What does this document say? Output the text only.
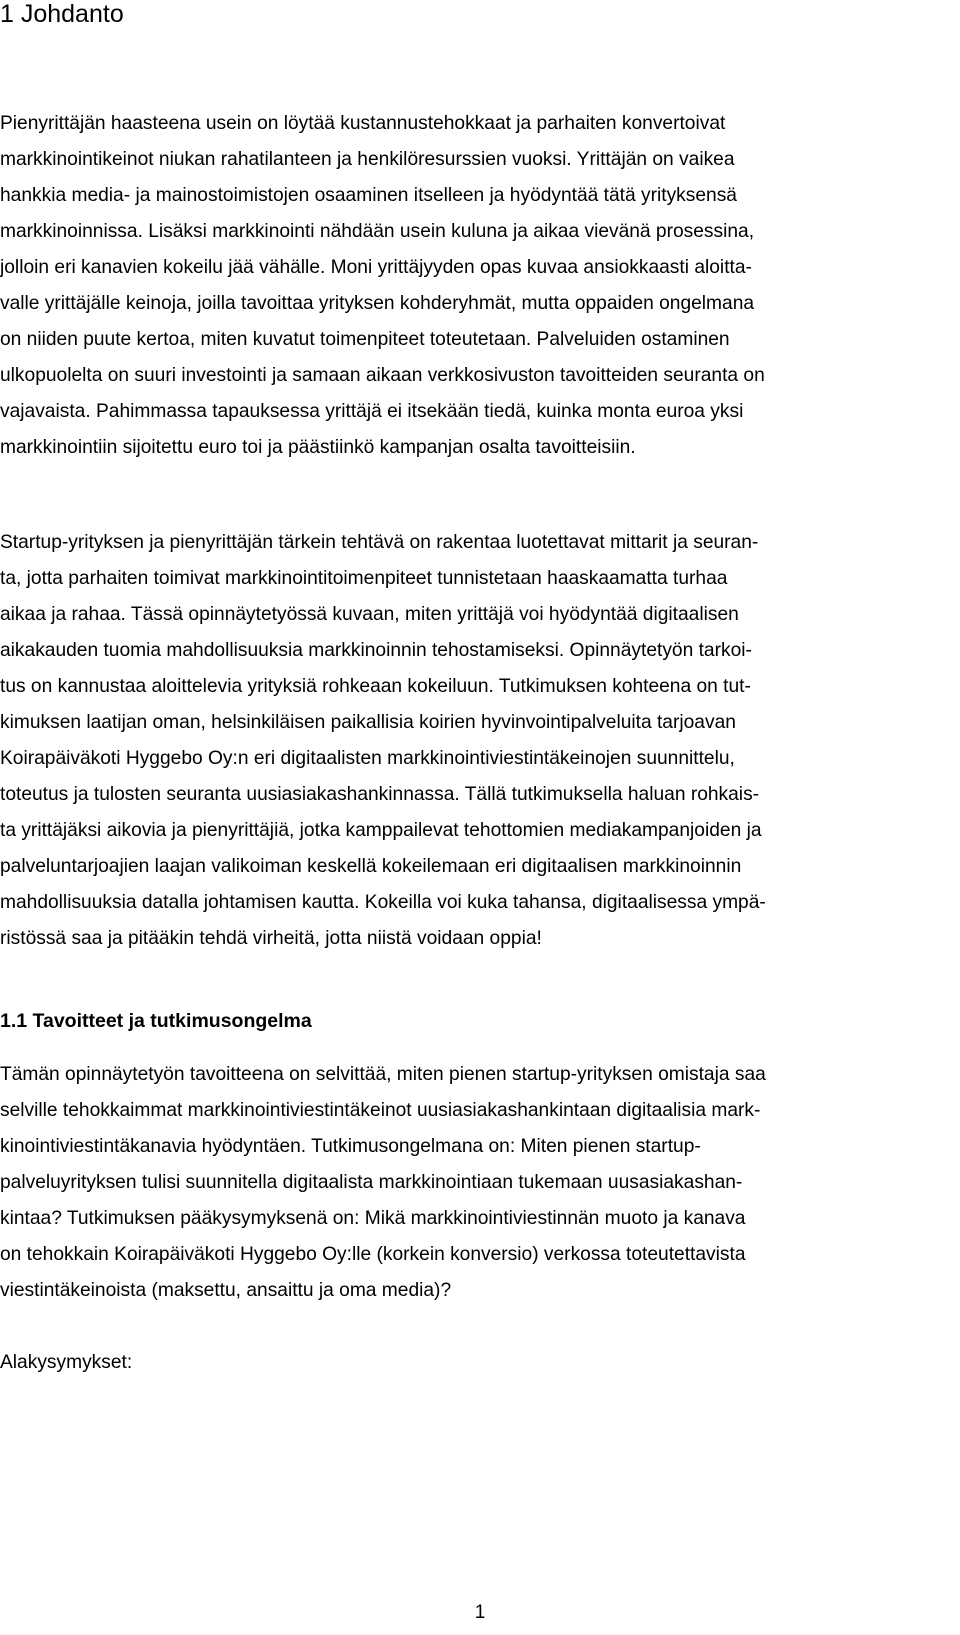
1 Johdanto
Pienyrittäjän haasteena usein on löytää kustannustehokkaat ja parhaiten konvertoivat
markkinointikeinot niukan rahatilanteen ja henkilöresurssien vuoksi. Yrittäjän on vaikea
hankkia media- ja mainostoimistojen osaaminen itselleen ja hyödyntää tätä yrityksensä
markkinoinnissa. Lisäksi markkinointi nähdään usein kuluna ja aikaa vievänä prosessina,
jolloin eri kanavien kokeilu jää vähälle. Moni yrittäjyyden opas kuvaa ansiokkaasti aloitta-
valle yrittäjälle keinoja, joilla tavoittaa yrityksen kohderyhmät, mutta oppaiden ongelmana
on niiden puute kertoa, miten kuvatut toimenpiteet toteutetaan. Palveluiden ostaminen
ulkopuolelta on suuri investointi ja samaan aikaan verkkosivuston tavoitteiden seuranta on
vajavaista. Pahimmassa tapauksessa yrittäjä ei itsekään tiedä, kuinka monta euroa yksi
markkinointiin sijoitettu euro toi ja päästiinkö kampanjan osalta tavoitteisiin.
Startup-yrityksen ja pienyrittäjän tärkein tehtävä on rakentaa luotettavat mittarit ja seuran-
ta, jotta parhaiten toimivat markkinointitoimenpiteet tunnistetaan haaskaamatta turhaa
aikaa ja rahaa. Tässä opinnäytetyössä kuvaan, miten yrittäjä voi hyödyntää digitaalisen
aikakauden tuomia mahdollisuuksia markkinoinnin tehostamiseksi. Opinnäytetyön tarkoi-
tus on kannustaa aloittelevia yrityksiä rohkeaan kokeiluun. Tutkimuksen kohteena on tut-
kimuksen laatijan oman, helsinkiläisen paikallisia koirien hyvinvointipalveluita tarjoavan
Koirapäiväkoti Hyggebo Oy:n eri digitaalisten markkinointiviestintäkeinojen suunnittelu,
toteutus ja tulosten seuranta uusiasiakashankinnassa. Tällä tutkimuksella haluan rohkais-
ta yrittäjäksi aikovia ja pienyrittäjiä, jotka kamppailevat tehottomien mediakampanjoiden ja
palveluntarjoajien laajan valikoiman keskellä kokeilemaan eri digitaalisen markkinoinnin
mahdollisuuksia datalla johtamisen kautta. Kokeilla voi kuka tahansa, digitaalisessa ympä-
ristössä saa ja pitääkin tehdä virheitä, jotta niistä voidaan oppia!
1.1 Tavoitteet ja tutkimusongelma
Tämän opinnäytetyön tavoitteena on selvittää, miten pienen startup-yrityksen omistaja saa
selville tehokkaimmat markkinointiviestintäkeinot uusiasiakashankintaan digitaalisia mark-
kinointiviestintäkanavia hyödyntäen. Tutkimusongelmana on: Miten pienen startup-
palveluyrityksen tulisi suunnitella digitaalista markkinointiaan tukemaan uusasiakashan-
kintaa? Tutkimuksen pääkysymyksenä on: Mikä markkinointiviestinnän muoto ja kanava
on tehokkain Koirapäiväkoti Hyggebo Oy:lle (korkein konversio) verkossa toteutettavista
viestintäkeinoista (maksettu, ansaittu ja oma media)?
Alakysymykset:
1
